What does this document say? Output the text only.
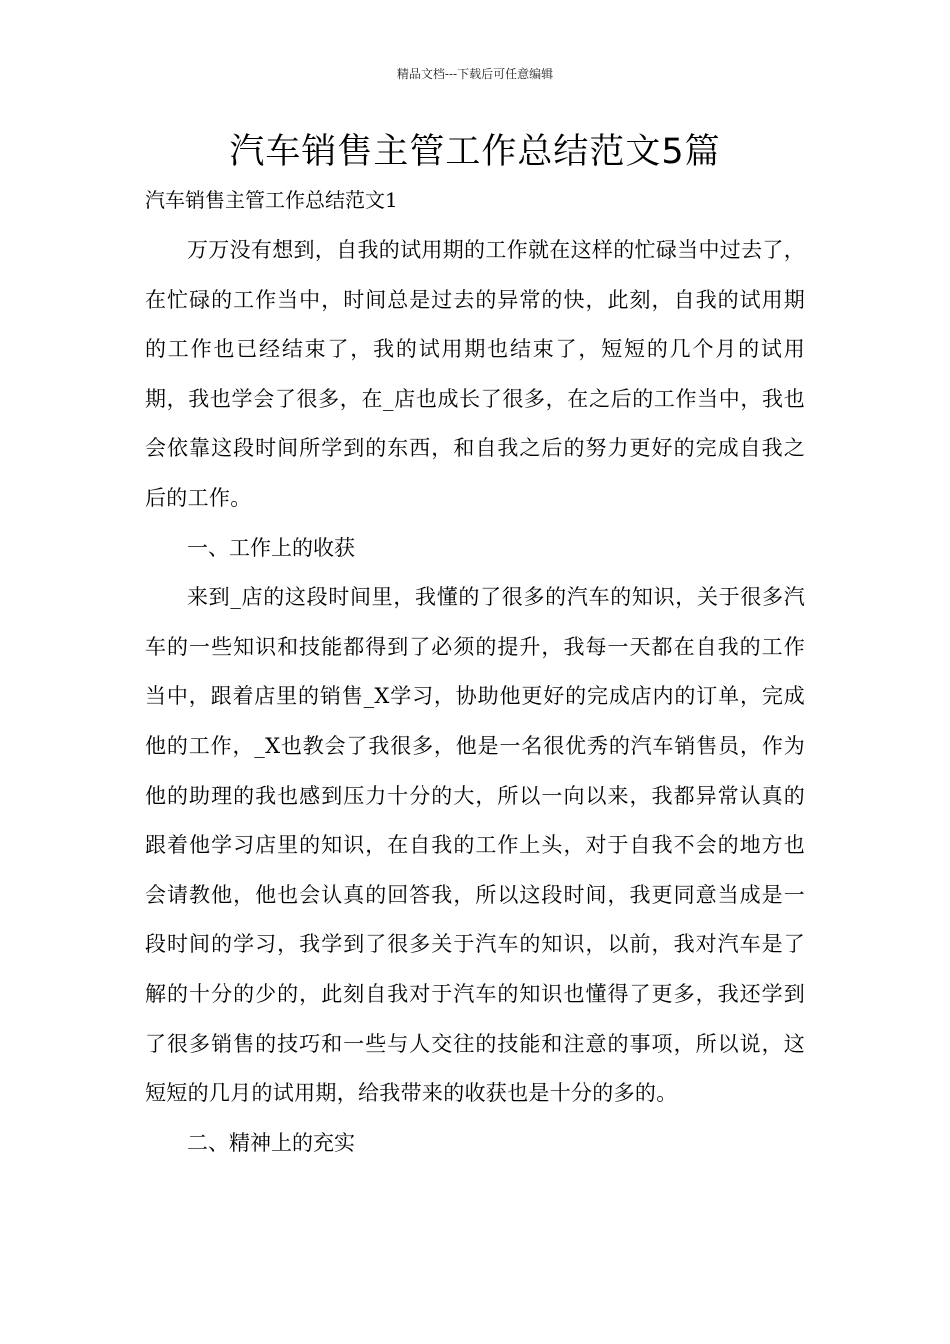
精品文档---下载后可任意编辑
汽车销售主管工作总结范文5篇

汽车销售主管工作总结范文1

万万没有想到，自我的试用期的工作就在这样的忙碌当中过去了，在忙碌的工作当中，时间总是过去的异常的快，此刻，自我的试用期的工作也已经结束了，我的试用期也结束了，短短的几个月的试用期，我也学会了很多，在_店也成长了很多，在之后的工作当中，我也会依靠这段时间所学到的东西，和自我之后的努力更好的完成自我之后的工作。

一、工作上的收获

来到_店的这段时间里，我懂的了很多的汽车的知识，关于很多汽车的一些知识和技能都得到了必须的提升，我每一天都在自我的工作当中，跟着店里的销售_X学习，协助他更好的完成店内的订单，完成他的工作，_X也教会了我很多，他是一名很优秀的汽车销售员，作为他的助理的我也感到压力十分的大，所以一向以来，我都异常认真的跟着他学习店里的知识，在自我的工作上头，对于自我不会的地方也会请教他，他也会认真的回答我，所以这段时间，我更同意当成是一段时间的学习，我学到了很多关于汽车的知识，以前，我对汽车是了解的十分的少的，此刻自我对于汽车的知识也懂得了更多，我还学到了很多销售的技巧和一些与人交往的技能和注意的事项，所以说，这短短的几月的试用期，给我带来的收获也是十分的多的。

二、精神上的充实
